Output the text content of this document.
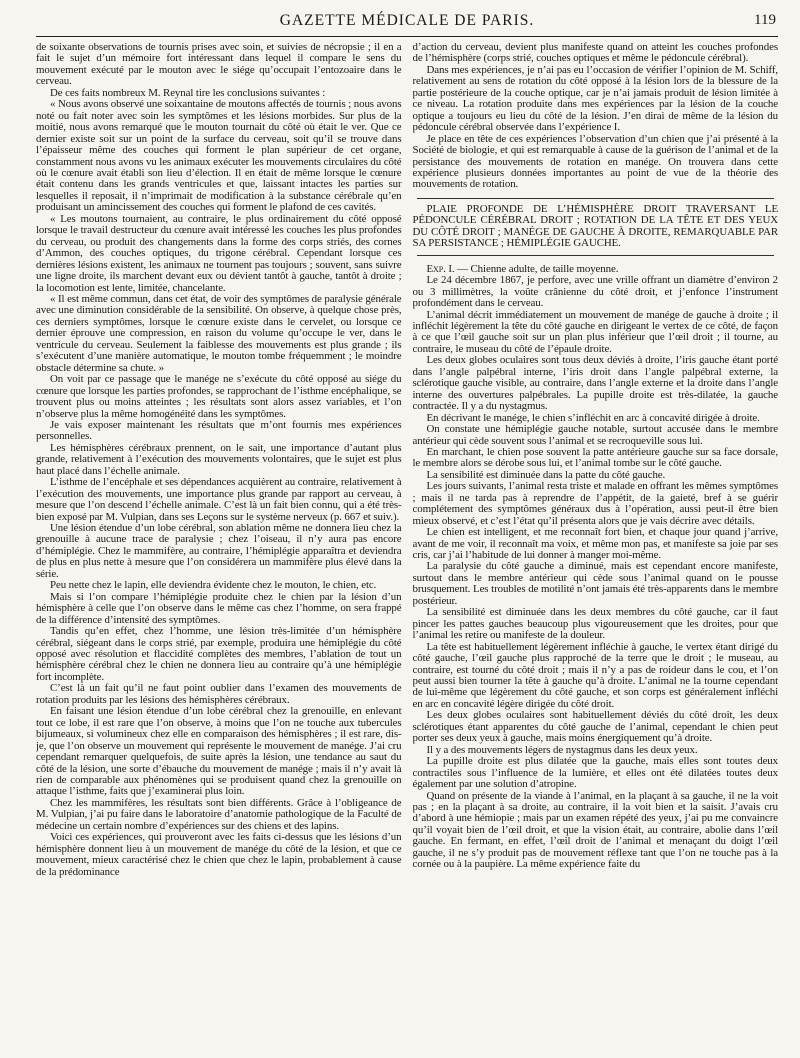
GAZETTE MÉDICALE DE PARIS.	119

de soixante observations de tournis prises avec soin, et suivies de nécropsie ; il en a fait le sujet d’un mémoire fort intéressant dans lequel il compare le sens du mouvement exécuté par le mouton avec le siége qu’occupait l’entozoaire dans le cerveau.

De ces faits nombreux M. Reynal tire les conclusions suivantes :

« Nous avons observé une soixantaine de moutons affectés de tournis ; nous avons noté ou fait noter avec soin les symptômes et les lésions morbides. Sur plus de la moitié, nous avons remarqué que le mouton tournait du côté où était le ver. Que ce dernier existe soit sur un point de la surface du cerveau, soit qu’il se trouve dans l’épaisseur même des couches qui forment le plan supérieur de cet organe, constamment nous avons vu les animaux exécuter les mouvements circulaires du côté où le cœnure avait établi son lieu d’élection. Il en était de même lorsque le cœnure était contenu dans les grands ventricules et que, laissant intactes les parties sur lesquelles il reposait, il n’imprimait de modification à la substance cérébrale qu’en produisant un amincissement des couches qui forment le plafond de ces cavités.

« Les moutons tournaient, au contraire, le plus ordinairement du côté opposé lorsque le travail destructeur du cœnure avait intéressé les couches les plus profondes du cerveau, ou produit des changements dans la forme des corps striés, des cornes d’Ammon, des couches optiques, du trigone cérébral. Cependant lorsque ces dernières lésions existent, les animaux ne tournent pas toujours ; souvent, sans suivre une ligne droite, ils marchent devant eux ou dévient tantôt à gauche, tantôt à droite ; la locomotion est lente, limitée, chancelante.

« Il est même commun, dans cet état, de voir des symptômes de paralysie générale avec une diminution considérable de la sensibilité. On observe, à quelque chose près, ces derniers symptômes, lorsque le cœnure existe dans le cervelet, ou lorsque ce dernier éprouve une compression, en raison du volume qu’occupe le ver, dans le ventricule du cerveau. Seulement la faiblesse des mouvements est plus grande ; ils s’exécutent d’une manière automatique, le mouton tombe fréquemment ; le moindre obstacle détermine sa chute. »

On voit par ce passage que le manége ne s’exécute du côté opposé au siége du cœnure que lorsque les parties profondes, se rapprochant de l’isthme encéphalique, se trouvent plus ou moins atteintes ; les résultats sont alors assez variables, et l’on n’observe plus la même homogénéité dans les symptômes.

Je vais exposer maintenant les résultats que m’ont fournis mes expériences personnelles.

Les hémisphères cérébraux prennent, on le sait, une importance d’autant plus grande, relativement à l’exécution des mouvements volontaires, que le sujet est plus haut placé dans l’échelle animale.

L’isthme de l’encéphale et ses dépendances acquièrent au contraire, relativement à l’exécution des mouvements, une importance plus grande par rapport au cerveau, à mesure que l’on descend l’échelle animale. C’est là un fait bien connu, qui a été très-bien exposé par M. Vulpian, dans ses Leçons sur le système nerveux (p. 667 et suiv.).

Une lésion étendue d’un lobe cérébral, son ablation même ne donnera lieu chez la grenouille à aucune trace de paralysie ; chez l’oiseau, il n’y aura pas encore d’hémiplégie. Chez le mammifère, au contraire, l’hémiplégie apparaîtra et deviendra de plus en plus nette à mesure que l’on considérera un mammifère plus élevé dans la série.

Peu nette chez le lapin, elle deviendra évidente chez le mouton, le chien, etc.

Mais si l’on compare l’hémiplégie produite chez le chien par la lésion d’un hémisphère à celle que l’on observe dans le même cas chez l’homme, on sera frappé de la différence d’intensité des symptômes.

Tandis qu’en effet, chez l’homme, une lésion très-limitée d’un hémisphère cérébral, siégeant dans le corps strié, par exemple, produira une hémiplégie du côté opposé avec résolution et flaccidité complètes des membres, l’ablation de tout un hémisphère cérébral chez le chien ne donnera lieu au contraire qu’à une hémiplégie fort incomplète.

C’est là un fait qu’il ne faut point oublier dans l’examen des mouvements de rotation produits par les lésions des hémisphères cérébraux.

En faisant une lésion étendue d’un lobe cérébral chez la grenouille, en enlevant tout ce lobe, il est rare que l’on observe, à moins que l’on ne touche aux tubercules bijumeaux, si volumineux chez elle en comparaison des hémisphères ; il est rare, dis-je, que l’on observe un mouvement qui représente le mouvement de manége. J’ai cru cependant remarquer quelquefois, de suite après la lésion, une tendance au saut du côté de la lésion, une sorte d’ébauche du mouvement de manége ; mais il n’y avait là rien de comparable aux phénomènes qui se produisent quand chez la grenouille on attaque l’isthme, faits que j’examinerai plus loin.

Chez les mammifères, les résultats sont bien différents. Grâce à l’obligeance de M. Vulpian, j’ai pu faire dans le laboratoire d’anatomie pathologique de la Faculté de médecine un certain nombre d’expériences sur des chiens et des lapins.

Voici ces expériences, qui prouveront avec les faits ci-dessus que les lésions d’un hémisphère donnent lieu à un mouvement de manége du côté de la lésion, et que ce mouvement, mieux caractérisé chez le chien que chez le lapin, probablement à cause de la prédominance

d’action du cerveau, devient plus manifeste quand on atteint les couches profondes de l’hémisphère (corps strié, couches optiques et même le pédoncule cérébral).

Dans mes expériences, je n’ai pas eu l’occasion de vérifier l’opinion de M. Schiff, relativement au sens de rotation du côté opposé à la lésion lors de la blessure de la partie postérieure de la couche optique, car je n’ai jamais produit de lésion limitée à ce niveau. La rotation produite dans mes expériences par la lésion de la couche optique a toujours eu lieu du côté de la lésion. J’en dirai de même de la lésion du pédoncule cérébral observée dans l’expérience I.

Je place en tête de ces expériences l’observation d’un chien que j’ai présenté à la Société de biologie, et qui est remarquable à cause de la guérison de l’animal et de la persistance des mouvements de rotation en manége. On trouvera dans cette expérience plusieurs données importantes au point de vue de la théorie des mouvements de rotation.

PLAIE PROFONDE DE L’HÉMISPHÈRE DROIT TRAVERSANT LE PÉDONCULE CÉRÉBRAL DROIT ; ROTATION DE LA TÊTE ET DES YEUX DU CÔTÉ DROIT ; MANÉGE DE GAUCHE À DROITE, REMARQUABLE PAR SA PERSISTANCE ; HÉMIPLÉGIE GAUCHE.

Exp. I. — Chienne adulte, de taille moyenne.

Le 24 décembre 1867, je perfore, avec une vrille offrant un diamètre d’environ 2 ou 3 millimètres, la voûte crânienne du côté droit, et j’enfonce l’instrument profondément dans le cerveau.

L’animal décrit immédiatement un mouvement de manége de gauche à droite ; il infléchit légèrement la tête du côté gauche en dirigeant le vertex de ce côté, de façon à ce que l’œil gauche soit sur un plan plus inférieur que l’œil droit ; il tourne, au contraire, le museau du côté de l’épaule droite.

Les deux globes oculaires sont tous deux déviés à droite, l’iris gauche étant porté dans l’angle palpébral interne, l’iris droit dans l’angle palpébral externe, la sclérotique gauche visible, au contraire, dans l’angle externe et la droite dans l’angle interne des ouvertures palpébrales. La pupille droite est très-dilatée, la gauche contractée. Il y a du nystagmus.

En décrivant le manége, le chien s’infléchit en arc à concavité dirigée à droite.

On constate une hémiplégie gauche notable, surtout accusée dans le membre antérieur qui cède souvent sous l’animal et se recroqueville sous lui.

En marchant, le chien pose souvent la patte antérieure gauche sur sa face dorsale, le membre alors se dérobe sous lui, et l’animal tombe sur le côté gauche.

La sensibilité est diminuée dans la patte du côté gauche.

Les jours suivants, l’animal resta triste et malade en offrant les mêmes symptômes ; mais il ne tarda pas à reprendre de l’appétit, de la gaieté, bref à se guérir complétement des symptômes généraux dus à l’opération, aussi peut-il être bien mieux observé, et c’est l’état qu’il présenta alors que je vais décrire avec détails.

Le chien est intelligent, et me reconnaît fort bien, et chaque jour quand j’arrive, avant de me voir, il reconnaît ma voix, et même mon pas, et manifeste sa joie par ses cris, car j’ai l’habitude de lui donner à manger moi-même.

La paralysie du côté gauche a diminué, mais est cependant encore manifeste, surtout dans le membre antérieur qui cède sous l’animal quand on le pousse brusquement. Les troubles de motilité n’ont jamais été très-apparents dans le membre postérieur.

La sensibilité est diminuée dans les deux membres du côté gauche, car il faut pincer les pattes gauches beaucoup plus vigoureusement que les droites, pour que l’animal les retire ou manifeste de la douleur.

La tête est habituellement légèrement infléchie à gauche, le vertex étant dirigé du côté gauche, l’œil gauche plus rapproché de la terre que le droit ; le museau, au contraire, est tourné du côté droit ; mais il n’y a pas de roideur dans le cou, et l’on peut aussi bien tourner la tête à gauche qu’à droite. L’animal ne la tourne cependant de lui-même que légèrement du côté gauche, et son corps est généralement infléchi en arc en concavité légère dirigée du côté droit.

Les deux globes oculaires sont habituellement déviés du côté droit, les deux sclérotiques étant apparentes du côté gauche de l’animal, cependant le chien peut porter ses deux yeux à gauche, mais moins énergiquement qu’à droite.

Il y a des mouvements légers de nystagmus dans les deux yeux.

La pupille droite est plus dilatée que la gauche, mais elles sont toutes deux contractiles sous l’influence de la lumière, et elles ont été dilatées toutes deux également par une solution d’atropine.

Quand on présente de la viande à l’animal, en la plaçant à sa gauche, il ne la voit pas ; en la plaçant à sa droite, au contraire, il la voit bien et la saisit. J’avais cru d’abord à une hémiopie ; mais par un examen répété des yeux, j’ai pu me convaincre qu’il voyait bien de l’œil droit, et que la vision était, au contraire, abolie dans l’œil gauche. En fermant, en effet, l’œil droit de l’animal et menaçant du doigt l’œil gauche, il ne s’y produit pas de mouvement réflexe tant que l’on ne touche pas à la cornée ou à la paupière. La même expérience faite du
